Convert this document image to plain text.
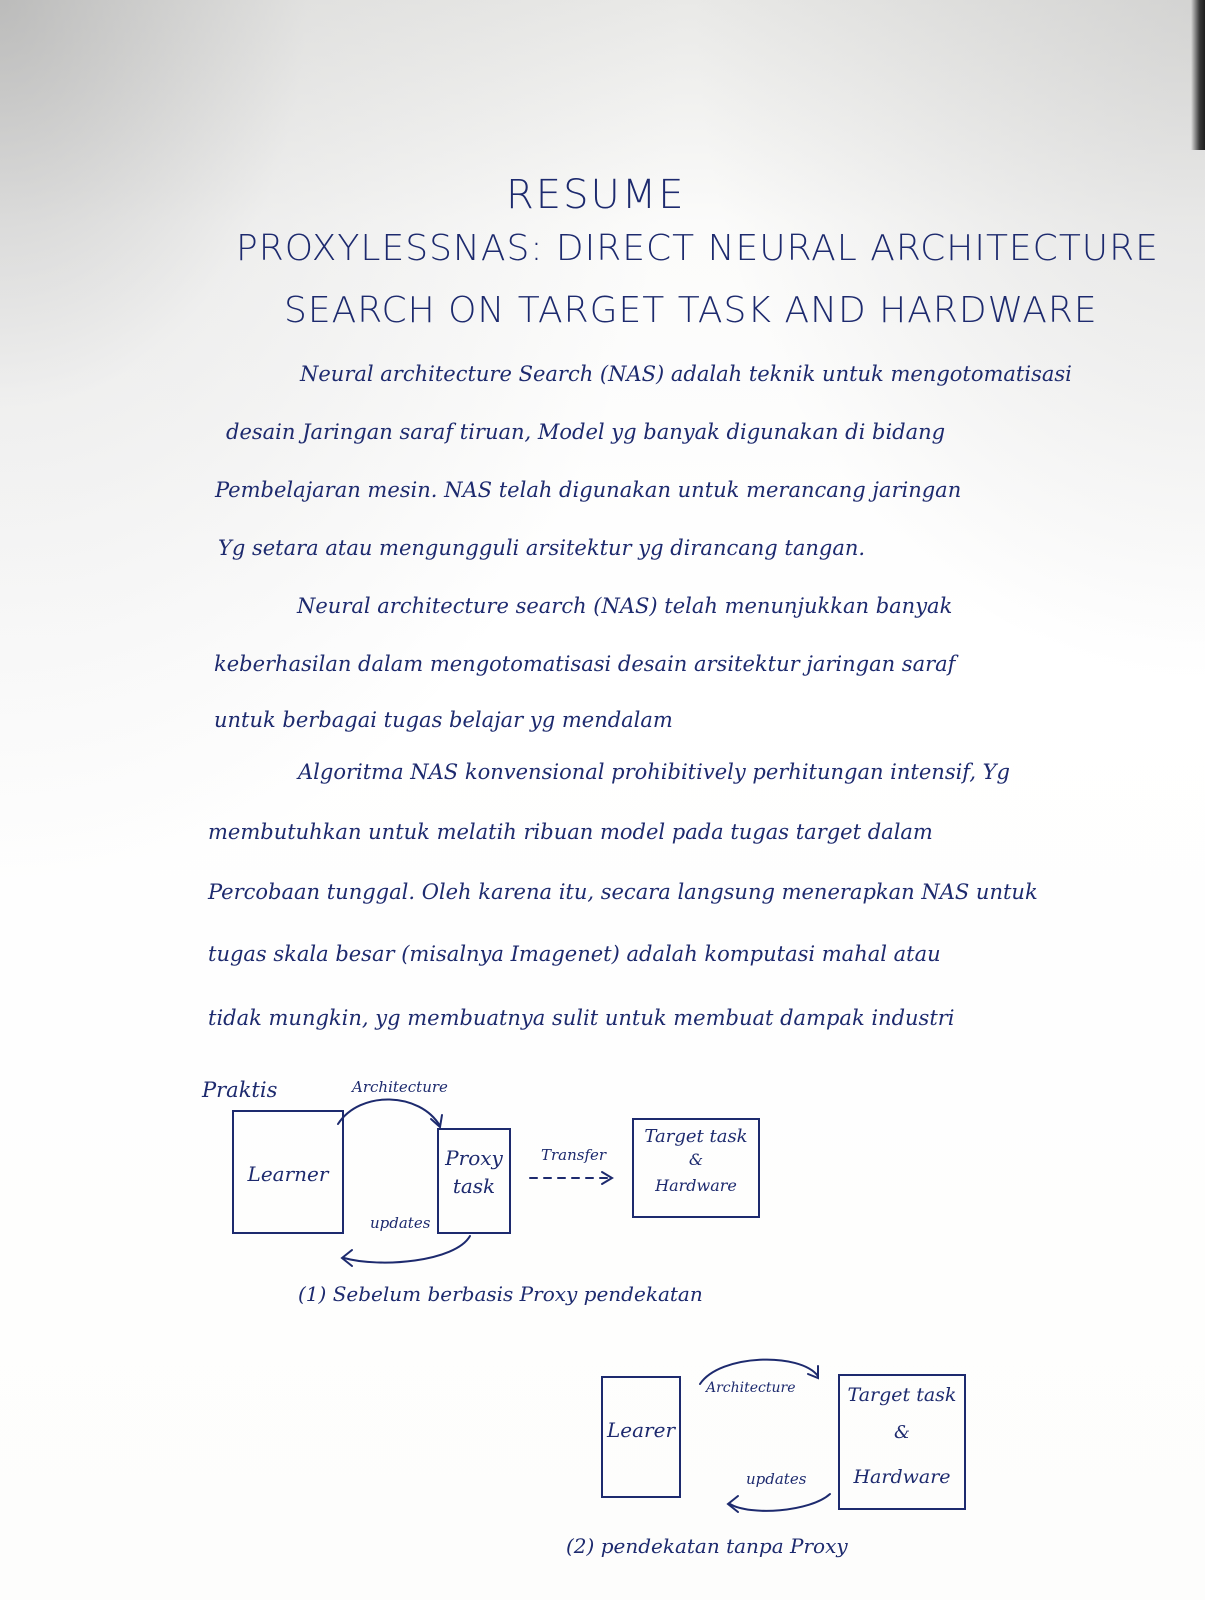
RESUME
PROXYLESSNAS: DIRECT NEURAL ARCHITECTURE
SEARCH ON TARGET TASK AND HARDWARE
Neural architecture Search (NAS) adalah teknik untuk mengotomatisasi
desain Jaringan saraf tiruan, Model yg banyak digunakan di bidang
Pembelajaran mesin. NAS telah digunakan untuk merancang jaringan
Yg setara atau mengungguli arsitektur yg dirancang tangan.
Neural architecture search (NAS) telah menunjukkan banyak
keberhasilan dalam mengotomatisasi desain arsitektur jaringan saraf
untuk berbagai tugas belajar yg mendalam
Algoritma NAS konvensional prohibitively perhitungan intensif, Yg
membutuhkan untuk melatih ribuan model pada tugas target dalam
Percobaan tunggal. Oleh karena itu, secara langsung menerapkan NAS untuk
tugas skala besar (misalnya Imagenet) adalah komputasi mahal atau
tidak mungkin, yg membuatnya sulit untuk membuat dampak industri
Praktis
Learner
Proxy
task
Target task
&
Hardware
Architecture
Transfer
updates
(1) Sebelum berbasis Proxy pendekatan
Learer
Target task
&
Hardware
Architecture
updates
(2) pendekatan tanpa Proxy
